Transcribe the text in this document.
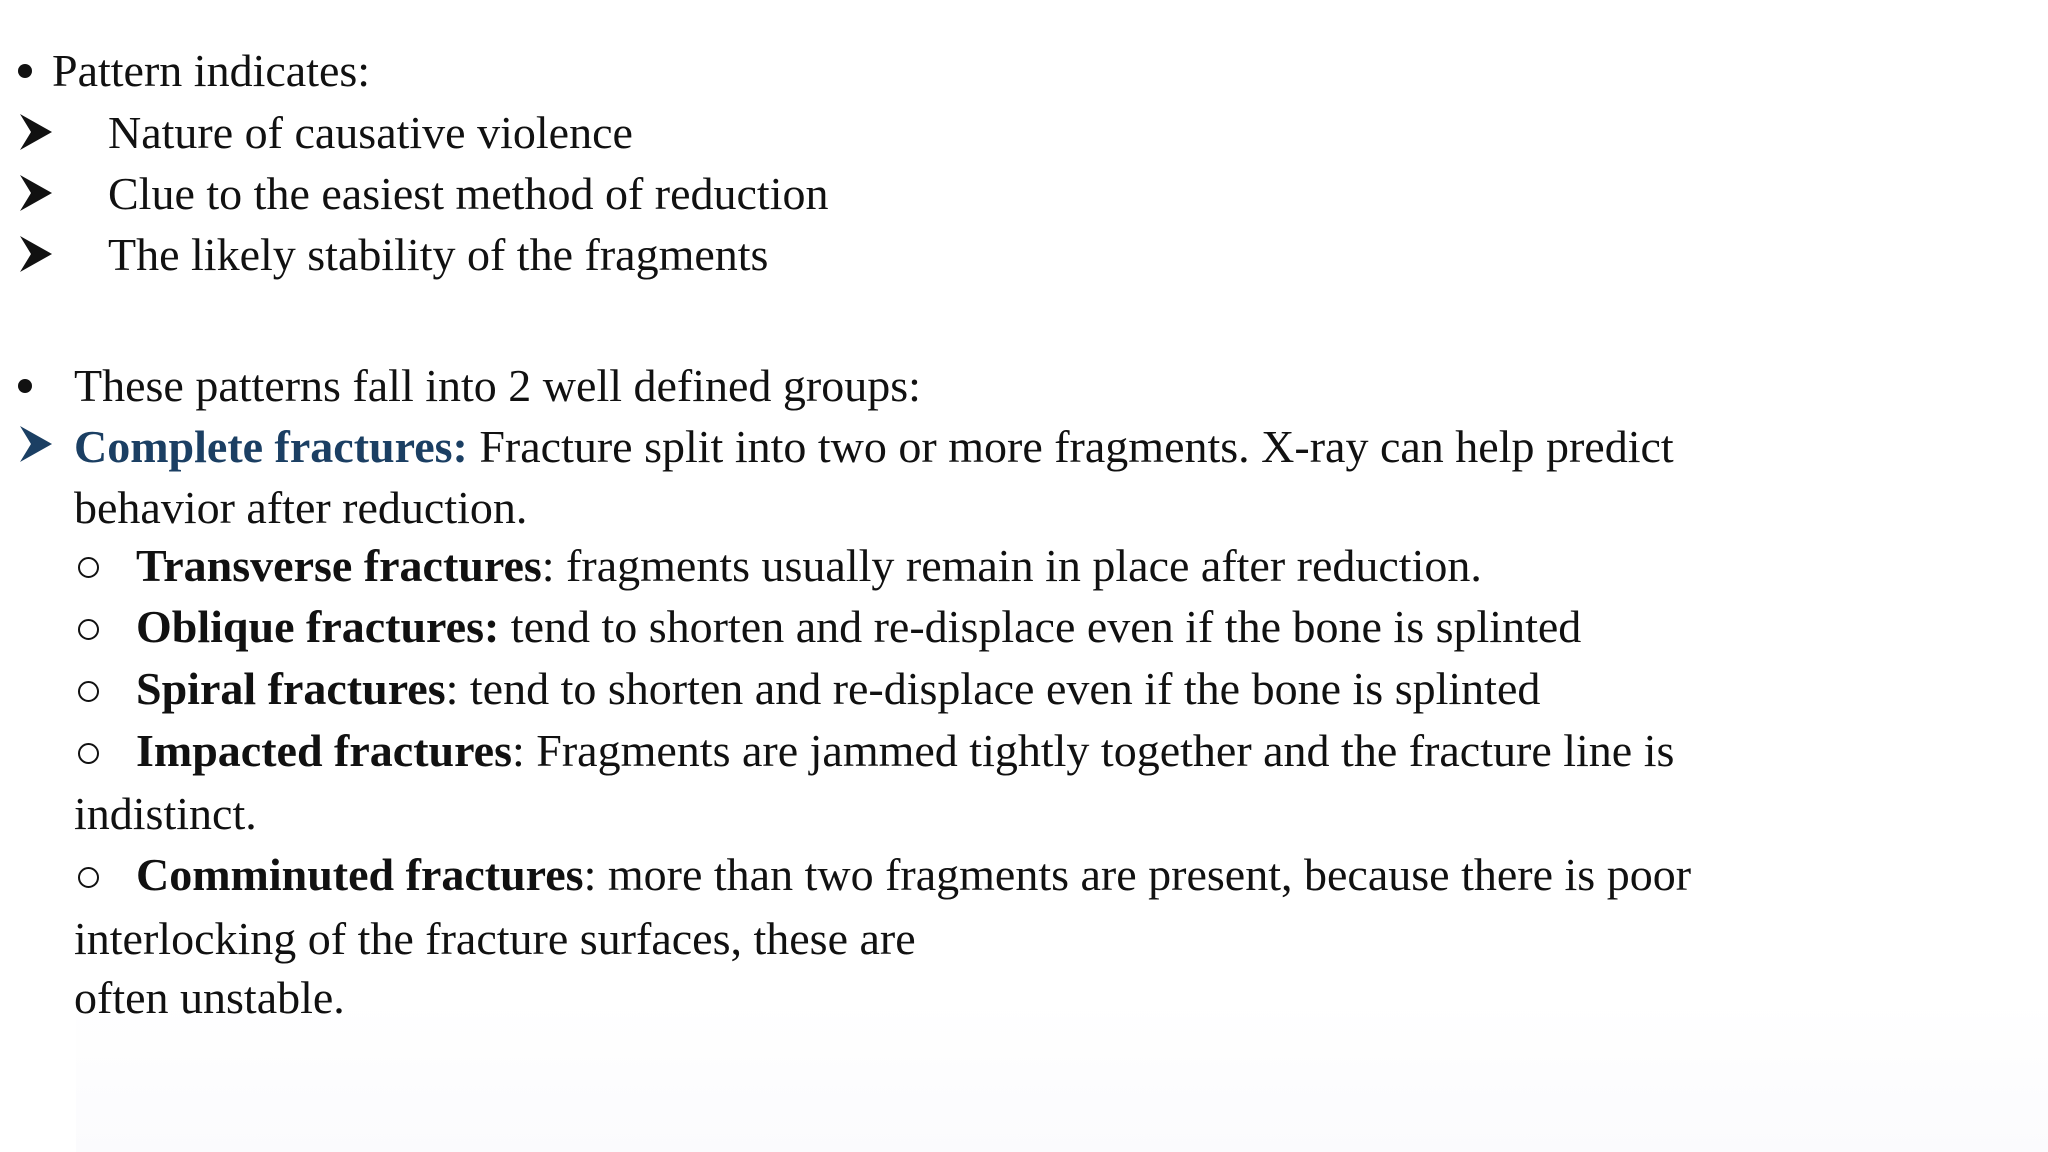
Pattern indicates:
Nature of causative violence
Clue to the easiest method of reduction
The likely stability of the fragments
These patterns fall into 2 well defined groups:
Complete fractures: Fracture split into two or more fragments. X-ray can help predict
behavior after reduction.
Transverse fractures: fragments usually remain in place after reduction.
Oblique fractures: tend to shorten and re-displace even if the bone is splinted
Spiral fractures: tend to shorten and re-displace even if the bone is splinted
Impacted fractures: Fragments are jammed tightly together and the fracture line is
indistinct.
Comminuted fractures: more than two fragments are present, because there is poor
interlocking of the fracture surfaces, these are
often unstable.
